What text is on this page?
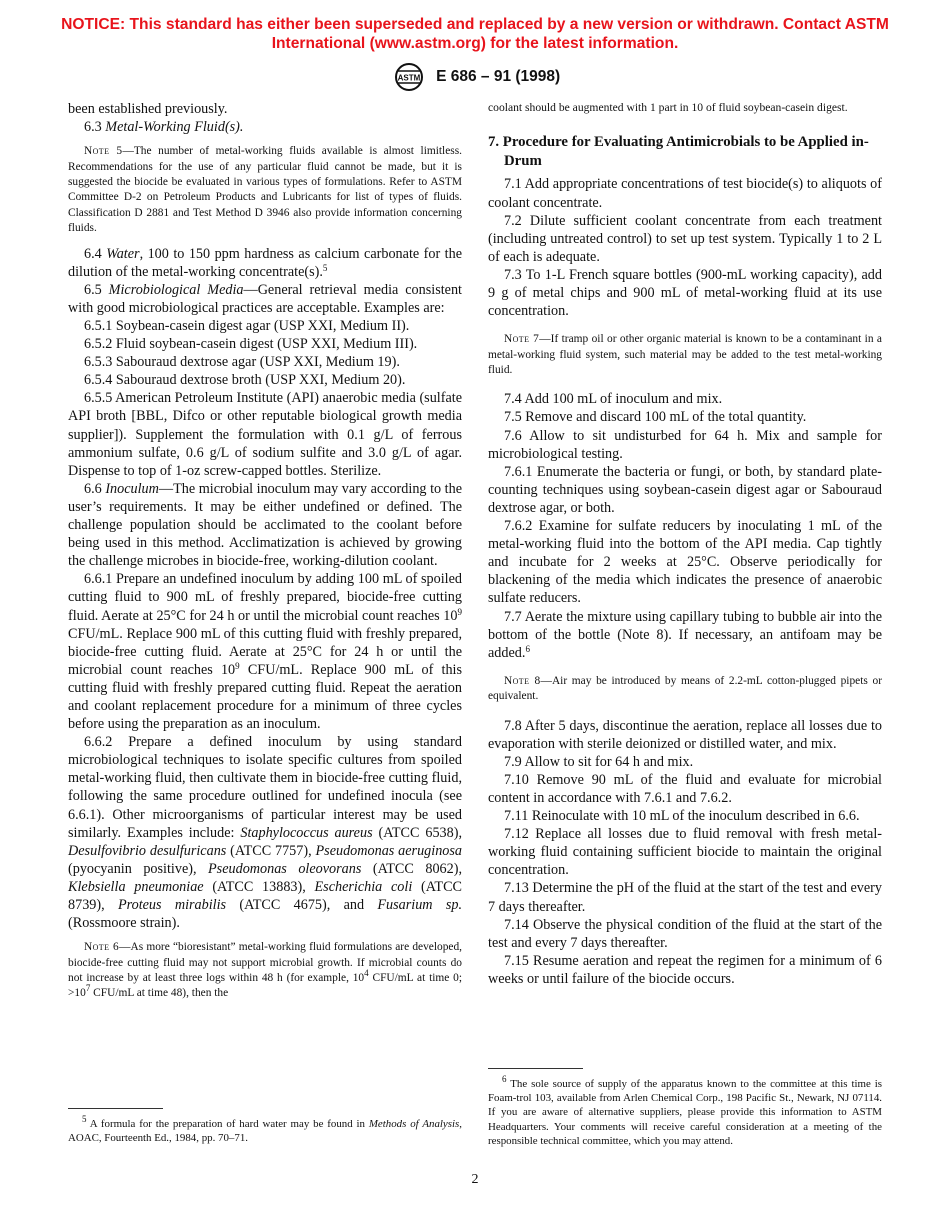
NOTICE: This standard has either been superseded and replaced by a new version or withdrawn. Contact ASTM International (www.astm.org) for the latest information.
ASTM E 686 – 91 (1998)

been established previously.

6.3 Metal-Working Fluid(s).

Note 5—The number of metal-working fluids available is almost limitless. Recommendations for the use of any particular fluid cannot be made, but it is suggested the biocide be evaluated in various types of formulations. Refer to ASTM Committee D-2 on Petroleum Products and Lubricants for list of types of fluids. Classification D 2881 and Test Method D 3946 also provide information concerning fluids.

6.4 Water, 100 to 150 ppm hardness as calcium carbonate for the dilution of the metal-working concentrate(s).$^5$

6.5 Microbiological Media—General retrieval media consistent with good microbiological practices are acceptable. Examples are:

6.5.1 Soybean-casein digest agar (USP XXI, Medium II).

6.5.2 Fluid soybean-casein digest (USP XXI, Medium III).

6.5.3 Sabouraud dextrose agar (USP XXI, Medium 19).

6.5.4 Sabouraud dextrose broth (USP XXI, Medium 20).

6.5.5 American Petroleum Institute (API) anaerobic media (sulfate API broth [BBL, Difco or other reputable biological growth media supplier]). Supplement the formulation with 0.1 g/L of ferrous ammonium sulfate, 0.6 g/L of sodium sulfite and 3.0 g/L of agar. Dispense to top of 1-oz screw-capped bottles. Sterilize.

6.6 Inoculum—The microbial inoculum may vary according to the user’s requirements. It may be either undefined or defined. The challenge population should be acclimated to the coolant before being used in this method. Acclimatization is achieved by growing the challenge microbes in biocide-free, working-dilution coolant.

6.6.1 Prepare an undefined inoculum by adding 100 mL of spoiled cutting fluid to 900 mL of freshly prepared, biocide-free cutting fluid. Aerate at 25°C for 24 h or until the microbial count reaches $10^9$ CFU/mL. Replace 900 mL of this cutting fluid with freshly prepared, biocide-free cutting fluid. Aerate at 25°C for 24 h or until the microbial count reaches $10^9$ CFU/mL. Replace 900 mL of this cutting fluid with freshly prepared cutting fluid. Repeat the aeration and coolant replacement procedure for a minimum of three cycles before using the preparation as an inoculum.

6.6.2 Prepare a defined inoculum by using standard microbiological techniques to isolate specific cultures from spoiled metal-working fluid, then cultivate them in biocide-free cutting fluid, following the same procedure outlined for undefined inocula (see 6.6.1). Other microorganisms of particular interest may be used similarly. Examples include: Staphylococcus aureus (ATCC 6538), Desulfovibrio desulfuricans (ATCC 7757), Pseudomonas aeruginosa (pyocyanin positive), Pseudomonas oleovorans (ATCC 8062), Klebsiella pneumoniae (ATCC 13883), Escherichia coli (ATCC 8739), Proteus mirabilis (ATCC 4675), and Fusarium sp. (Rossmoore strain).

Note 6—As more “bioresistant” metal-working fluid formulations are developed, biocide-free cutting fluid may not support microbial growth. If microbial counts do not increase by at least three logs within 48 h (for example, $10^4$ CFU/mL at time 0; $>10^7$ CFU/mL at time 48), then the

$^5$ A formula for the preparation of hard water may be found in Methods of Analysis, AOAC, Fourteenth Ed., 1984, pp. 70–71.

coolant should be augmented with 1 part in 10 of fluid soybean-casein digest.

7. Procedure for Evaluating Antimicrobials to be Applied in-Drum

7.1 Add appropriate concentrations of test biocide(s) to aliquots of coolant concentrate.

7.2 Dilute sufficient coolant concentrate from each treatment (including untreated control) to set up test system. Typically 1 to 2 L of each is adequate.

7.3 To 1-L French square bottles (900-mL working capacity), add 9 g of metal chips and 900 mL of metal-working fluid at its use concentration.

Note 7—If tramp oil or other organic material is known to be a contaminant in a metal-working fluid system, such material may be added to the test metal-working fluid.

7.4 Add 100 mL of inoculum and mix.

7.5 Remove and discard 100 mL of the total quantity.

7.6 Allow to sit undisturbed for 64 h. Mix and sample for microbiological testing.

7.6.1 Enumerate the bacteria or fungi, or both, by standard plate-counting techniques using soybean-casein digest agar or Sabouraud dextrose agar, or both.

7.6.2 Examine for sulfate reducers by inoculating 1 mL of the metal-working fluid into the bottom of the API media. Cap tightly and incubate for 2 weeks at 25°C. Observe periodically for blackening of the media which indicates the presence of anaerobic sulfate reducers.

7.7 Aerate the mixture using capillary tubing to bubble air into the bottom of the bottle (Note 8). If necessary, an antifoam may be added.$^6$

Note 8—Air may be introduced by means of 2.2-mL cotton-plugged pipets or equivalent.

7.8 After 5 days, discontinue the aeration, replace all losses due to evaporation with sterile deionized or distilled water, and mix.

7.9 Allow to sit for 64 h and mix.

7.10 Remove 90 mL of the fluid and evaluate for microbial content in accordance with 7.6.1 and 7.6.2.

7.11 Reinoculate with 10 mL of the inoculum described in 6.6.

7.12 Replace all losses due to fluid removal with fresh metal-working fluid containing sufficient biocide to maintain the original concentration.

7.13 Determine the pH of the fluid at the start of the test and every 7 days thereafter.

7.14 Observe the physical condition of the fluid at the start of the test and every 7 days thereafter.

7.15 Resume aeration and repeat the regimen for a minimum of 6 weeks or until failure of the biocide occurs.

$^6$ The sole source of supply of the apparatus known to the committee at this time is Foam-trol 103, available from Arlen Chemical Corp., 198 Pacific St., Newark, NJ 07114. If you are aware of alternative suppliers, please provide this information to ASTM Headquarters. Your comments will receive careful consideration at a meeting of the responsible technical committee, which you may attend.

2
